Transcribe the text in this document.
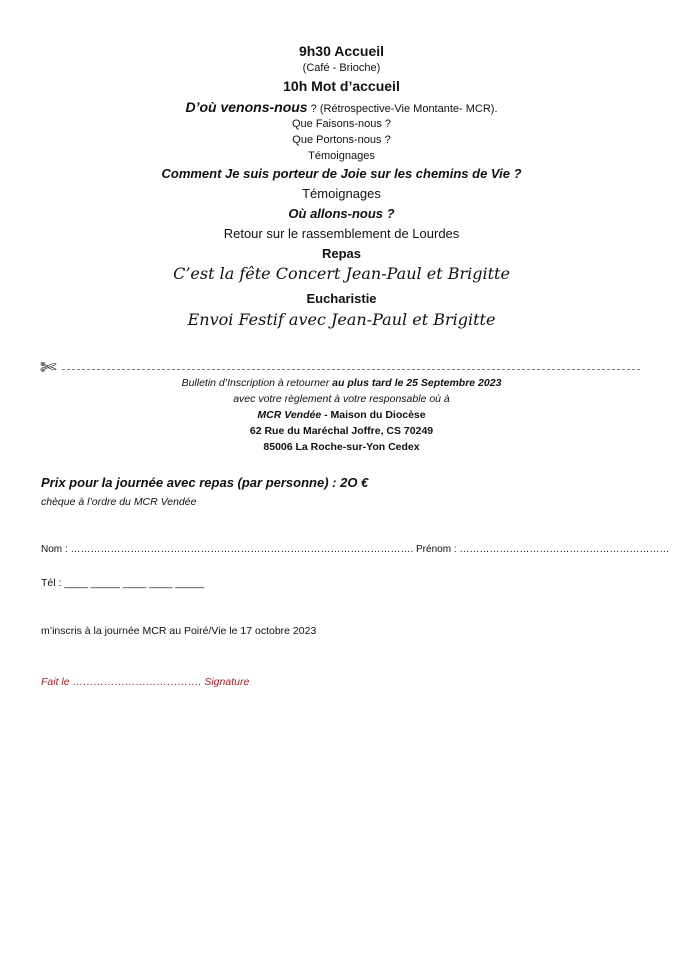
9h30 Accueil
(Café - Brioche)
10h Mot d’accueil
D’où venons-nous ? (Rétrospective-Vie Montante- MCR).
Que Faisons-nous ?
Que Portons-nous ?
Témoignages
Comment Je suis porteur de Joie sur les chemins de Vie ?
Témoignages
Où allons-nous ?
Retour sur le rassemblement de Lourdes
Repas
C’est la fête Concert Jean-Paul et Brigitte
Eucharistie
Envoi Festif avec Jean-Paul et Brigitte
✄
Bulletin d’Inscription à retourner au plus tard le 25 Septembre 2023
avec votre règlement à votre responsable où à
MCR Vendée - Maison du Diocèse
62 Rue du Maréchal Joffre, CS 70249
85006 La Roche-sur-Yon Cedex
Prix pour la journée avec repas (par personne) : 2O €
chèque à l’ordre du MCR Vendée
Nom : …………………………………………………………………………………………. Prénom : ………………………………………………………
Tél : ____ _____ ____ ____ _____
m’inscris à la journée MCR au Poiré/Vie le 17 octobre 2023
Fait le ………………………………. Signature
